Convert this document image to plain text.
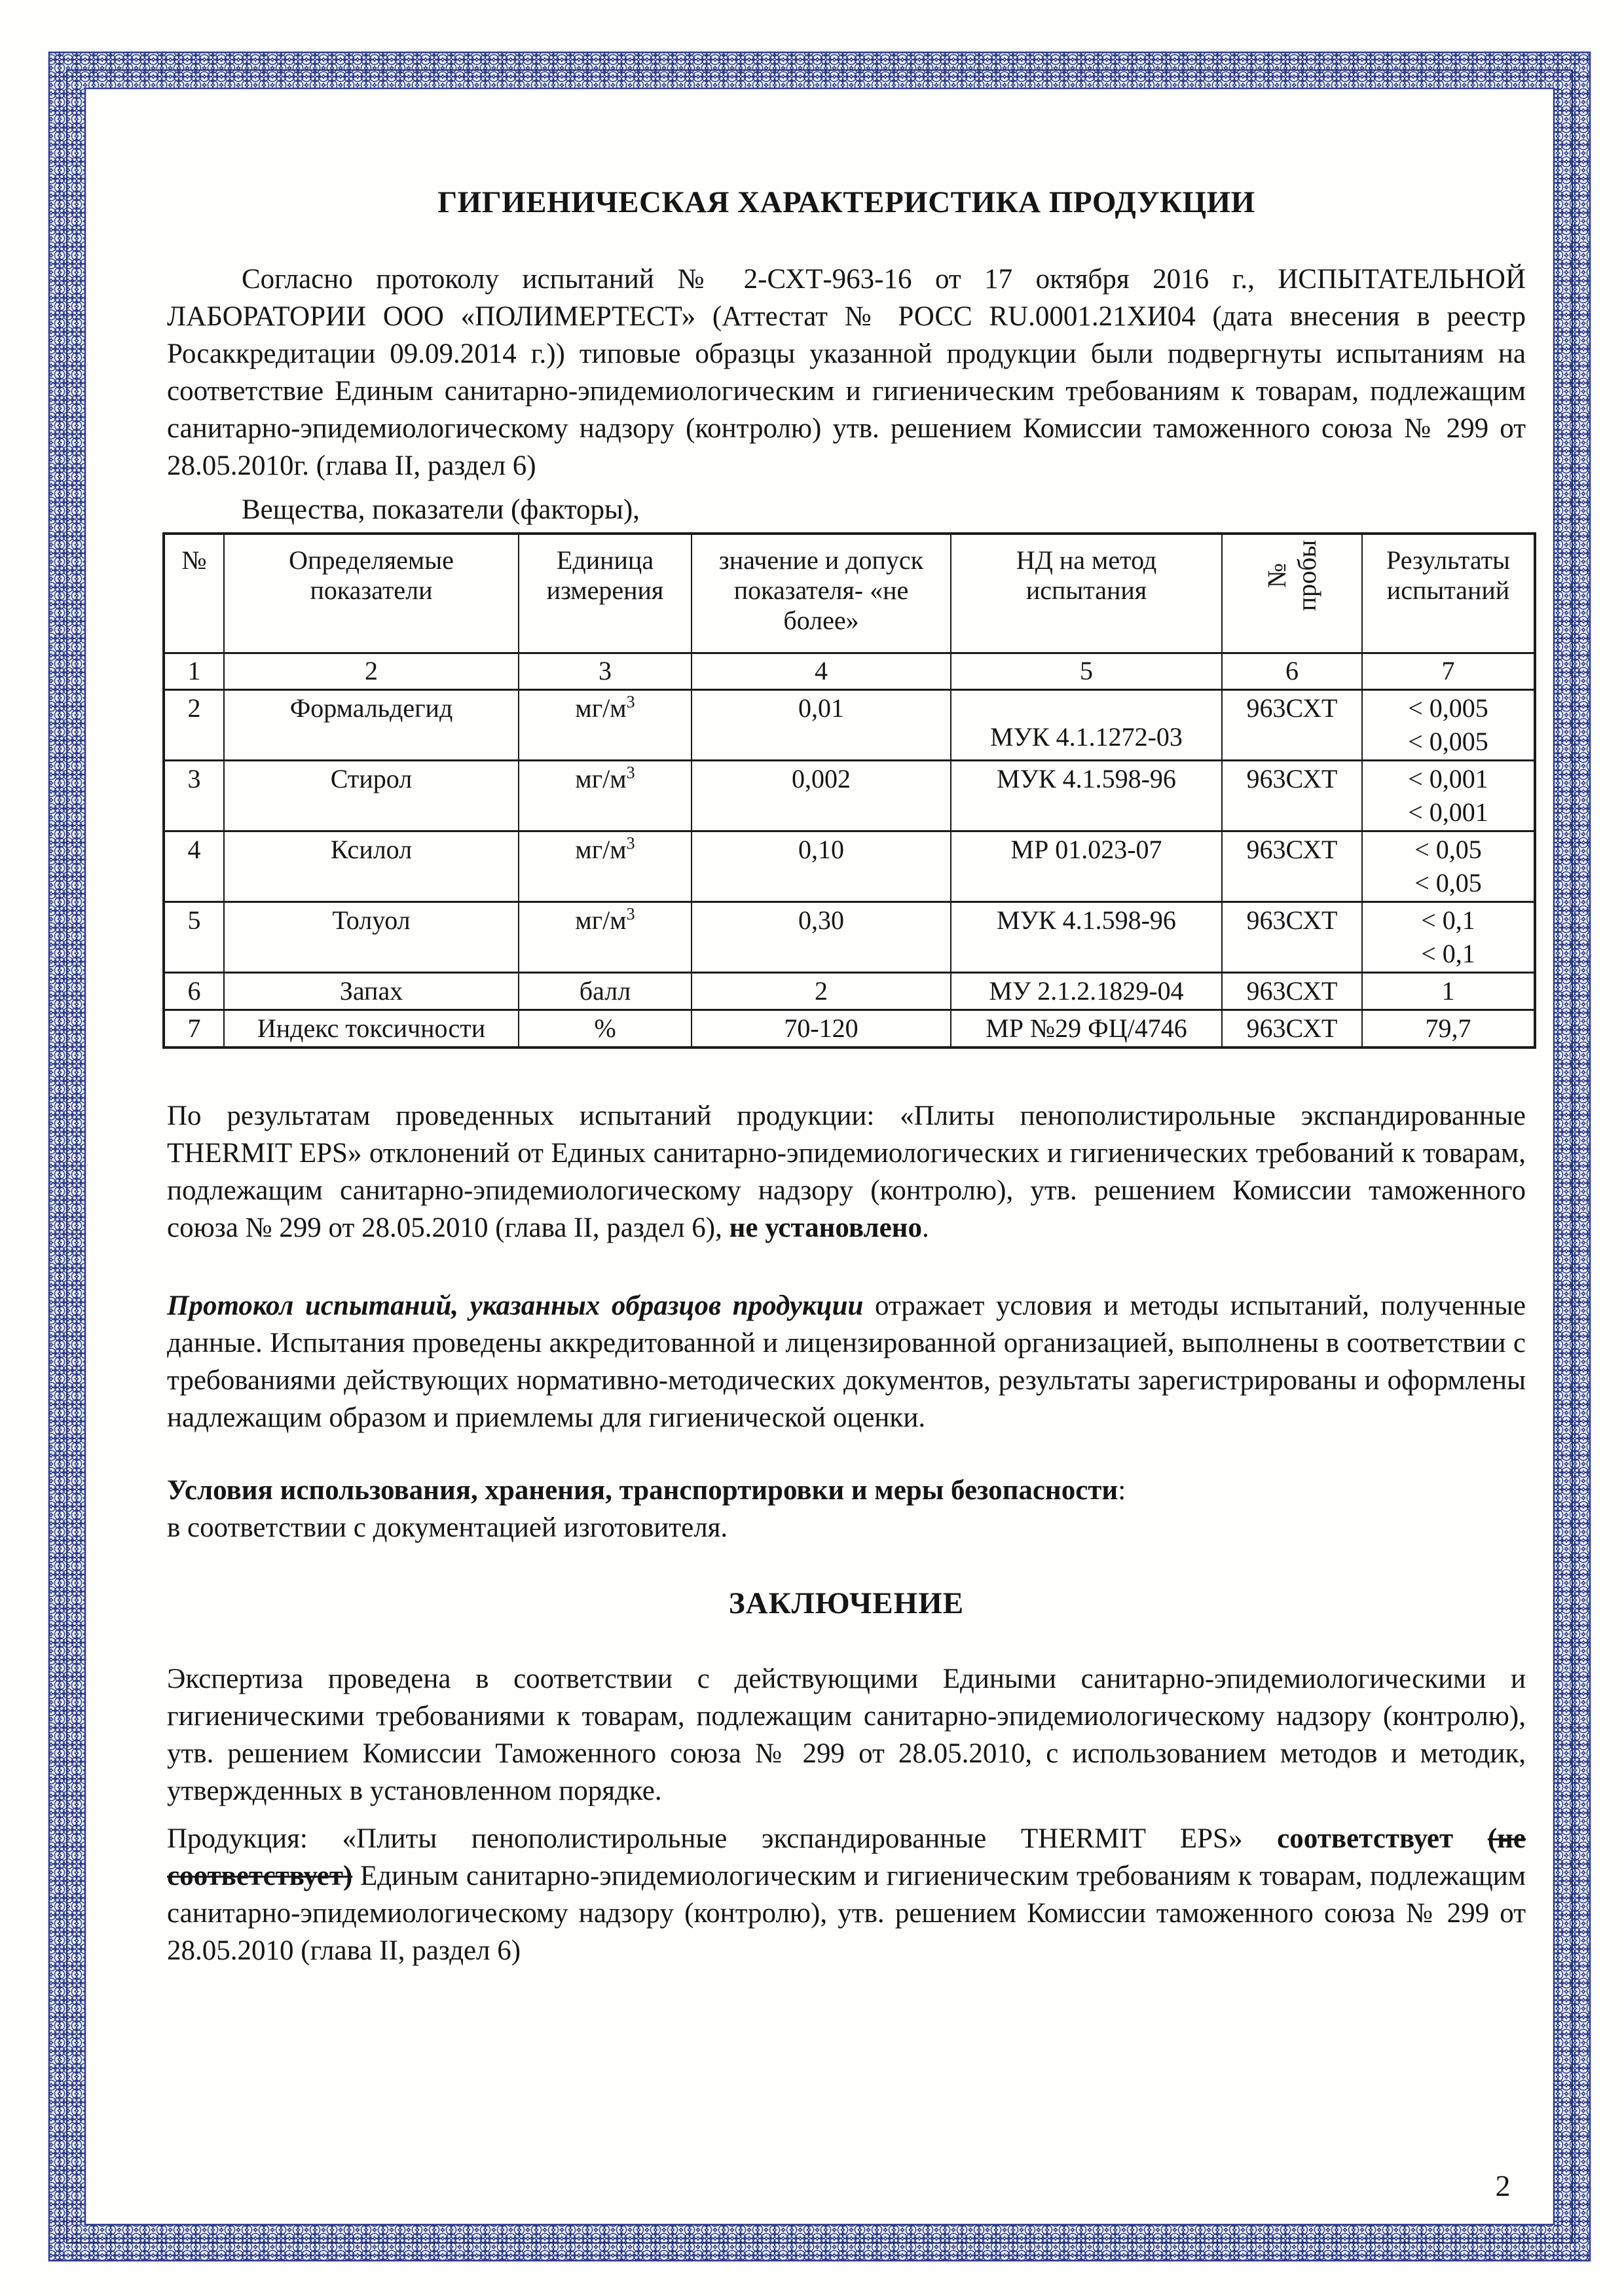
ГИГИЕНИЧЕСКАЯ ХАРАКТЕРИСТИКА ПРОДУКЦИИ

Согласно протоколу испытаний № 2-СХТ-963-16 от 17 октября 2016 г., ИСПЫТАТЕЛЬНОЙ ЛАБОРАТОРИИ ООО «ПОЛИМЕРТЕСТ» (Аттестат № РОСС RU.0001.21ХИ04 (дата внесения в реестр Росаккредитации 09.09.2014 г.)) типовые образцы указанной продукции были подвергнуты испытаниям на соответствие Единым санитарно-эпидемиологическим и гигиеническим требованиям к товарам, подлежащим санитарно-эпидемиологическому надзору (контролю) утв. решением Комиссии таможенного союза № 299 от 28.05.2010г. (глава II, раздел 6)

Вещества, показатели (факторы),

№	Определяемые показатели	Единица измерения	значение и допуск показателя- «не более»	НД на метод испытания	№ пробы	Результаты испытаний
1	2	3	4	5	6	7
2	Формальдегид	$мг/м^3$	0,01	МУК 4.1.1272-03	963СХТ	< 0,005
< 0,005

3	Стирол	$мг/м^3$	0,002	МУК 4.1.598-96	963СХТ	< 0,001
< 0,001

4	Ксилол	$мг/м^3$	0,10	МР 01.023-07	963СХТ	< 0,05
< 0,05

5	Толуол	$мг/м^3$	0,30	МУК 4.1.598-96	963СХТ	< 0,1
< 0,1

6	Запах	балл	2	МУ 2.1.2.1829-04	963СХТ	1

7	Индекс токсичности	%	70-120	МР №29 ФЦ/4746	963СХТ	79,7

По результатам проведенных испытаний продукции: «Плиты пенополистирольные экспандированные THERMIT EPS» отклонений от Единых санитарно-эпидемиологических и гигиенических требований к товарам, подлежащим санитарно-эпидемиологическому надзору (контролю), утв. решением Комиссии таможенного союза № 299 от 28.05.2010 (глава II, раздел 6), не установлено.

Протокол испытаний, указанных образцов продукции отражает условия и методы испытаний, полученные данные. Испытания проведены аккредитованной и лицензированной организацией, выполнены в соответствии с требованиями действующих нормативно-методических документов, результаты зарегистрированы и оформлены надлежащим образом и приемлемы для гигиенической оценки.

Условия использования, хранения, транспортировки и меры безопасности:

в соответствии с документацией изготовителя.

ЗАКЛЮЧЕНИЕ

Экспертиза проведена в соответствии с действующими Едиными санитарно-эпидемиологическими и гигиеническими требованиями к товарам, подлежащим санитарно-эпидемиологическому надзору (контролю), утв. решением Комиссии Таможенного союза № 299 от 28.05.2010, с использованием методов и методик, утвержденных в установленном порядке.

Продукция: «Плиты пенополистирольные экспандированные THERMIT EPS» соответствует (не соответствует) Единым санитарно-эпидемиологическим и гигиеническим требованиям к товарам, подлежащим санитарно-эпидемиологическому надзору (контролю), утв. решением Комиссии таможенного союза № 299 от 28.05.2010 (глава II, раздел 6)

2
